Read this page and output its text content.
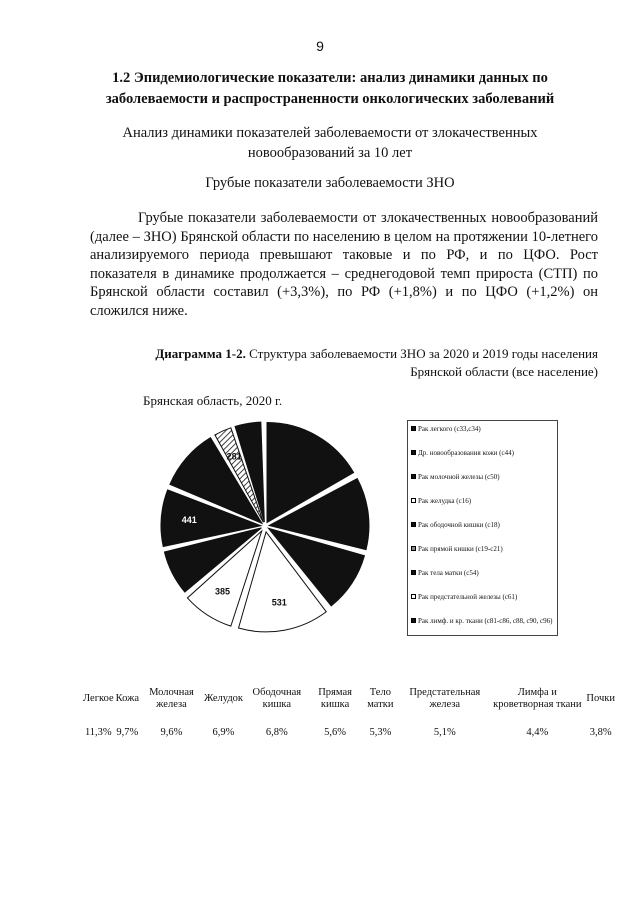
9
1.2 Эпидемиологические показатели: анализ динамики данных по заболеваемости и распространенности онкологических заболеваний
Анализ динамики показателей заболеваемости от злокачественных новообразований за 10 лет
Грубые показатели заболеваемости ЗНО
Грубые показатели заболеваемости от злокачественных новообразований (далее – ЗНО) Брянской области по населению в целом на протяжении 10-летнего анализируемого периода превышают таковые и по РФ, и по ЦФО. Рост показателя в динамике продолжается – среднегодовой темп прироста (СТП) по Брянской области составил (+3,3%), по РФ (+1,8%) и по ЦФО (+1,2%) он сложился ниже.
Диаграмма 1-2. Структура заболеваемости ЗНО за 2020 и 2019 годы населения Брянской области (все население)
Брянская область, 2020 г.
531
385
441
281
Рак легкого (с33,с34)
Др. новообразования кожи (с44)
Рак молочной железы (с50)
Рак желудка (с16)
Рак ободочной кишки (с18)
Рак прямой кишки (с19-с21)
Рак тела матки (с54)
Рак предстательной железы (с61)
Рак лимф. и кр. ткани (с81-с86, с88, с90, с96)
Легкое	Кожа	Молочная железа	Желудок	Ободочная кишка	Прямая кишка	Тело матки	Предстательная железа	Лимфа и кроветворная ткани	Почки
11,3%	9,7%	9,6%	6,9%	6,8%	5,6%	5,3%	5,1%	4,4%	3,8%
